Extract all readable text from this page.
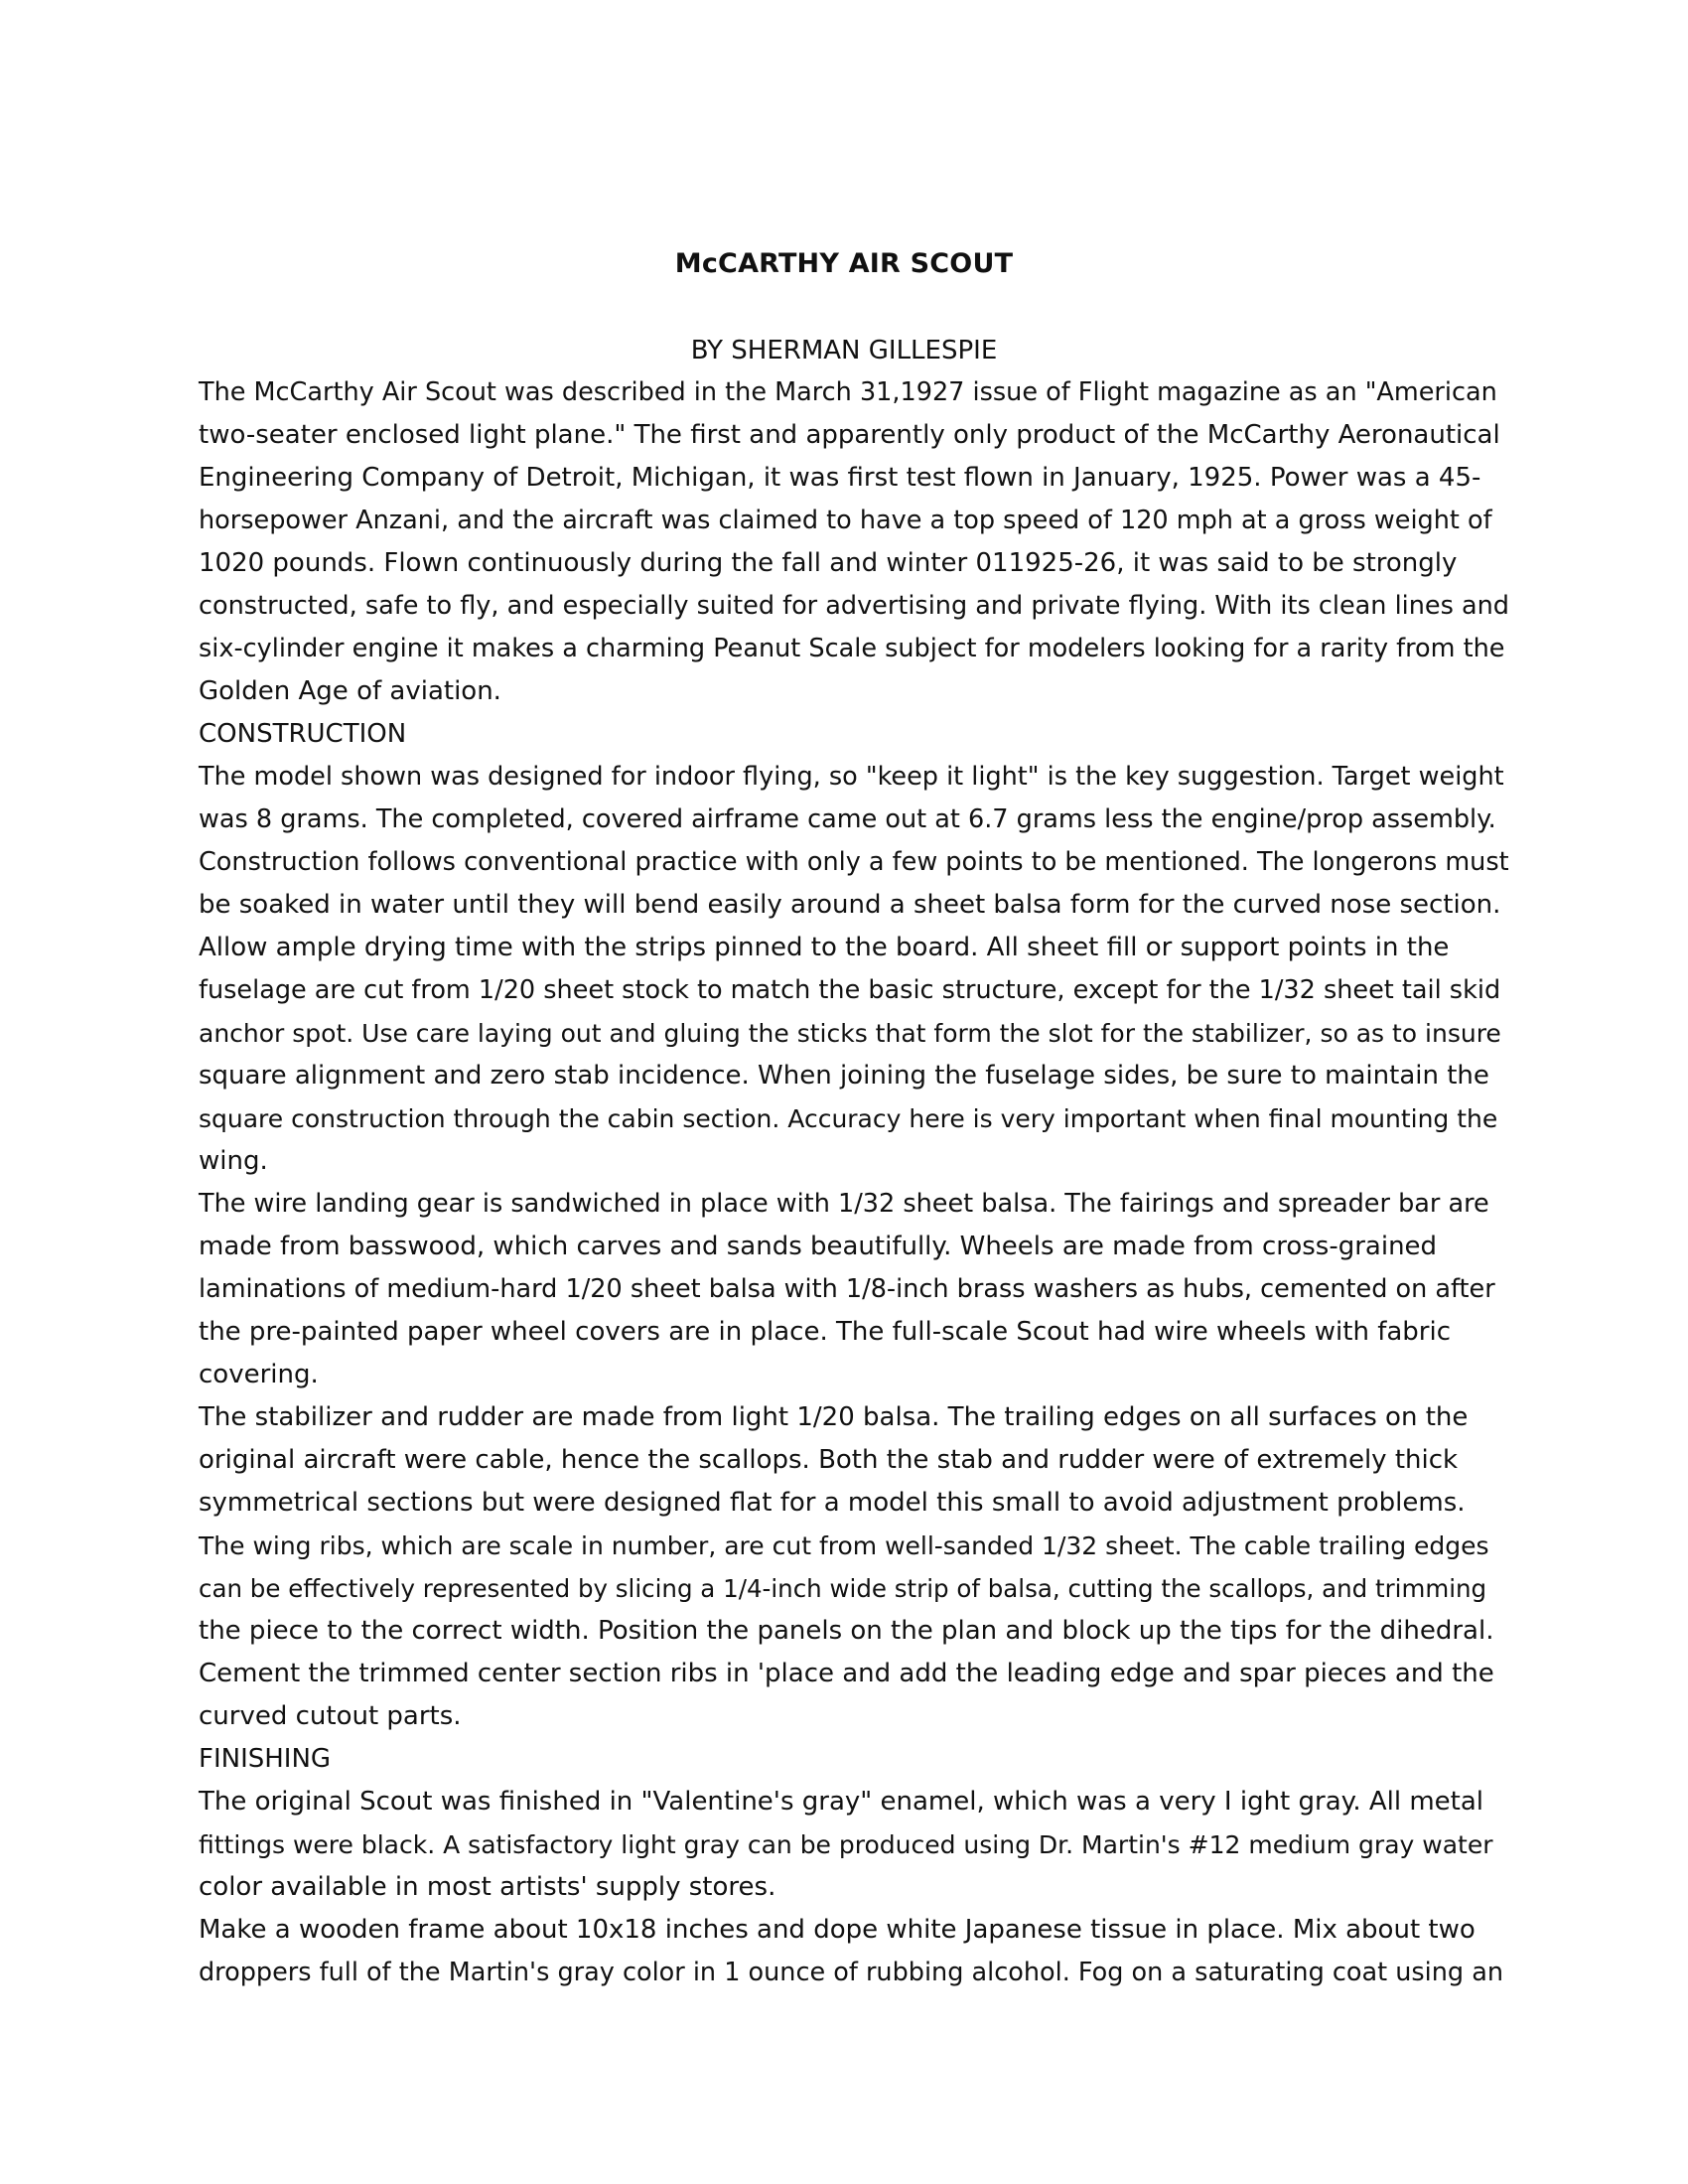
McCARTHY AIR SCOUT
BY SHERMAN GILLESPIE
The McCarthy Air Scout was described in the March 31,1927 issue of Flight magazine as an "American
two-seater enclosed light plane." The first and apparently only product of the McCarthy Aeronautical
Engineering Company of Detroit, Michigan, it was first test flown in January, 1925. Power was a 45-
horsepower Anzani, and the aircraft was claimed to have a top speed of 120 mph at a gross weight of
1020 pounds. Flown continuously during the fall and winter 011925-26, it was said to be strongly
constructed, safe to fly, and especially suited for advertising and private flying. With its clean lines and
six-cylinder engine it makes a charming Peanut Scale subject for modelers looking for a rarity from the
Golden Age of aviation.
CONSTRUCTION
The model shown was designed for indoor flying, so "keep it light" is the key suggestion. Target weight
was 8 grams. The completed, covered airframe came out at 6.7 grams less the engine/prop assembly.
Construction follows conventional practice with only a few points to be mentioned. The longerons must
be soaked in water until they will bend easily around a sheet balsa form for the curved nose section.
Allow ample drying time with the strips pinned to the board. All sheet fill or support points in the
fuselage are cut from 1/20 sheet stock to match the basic structure, except for the 1/32 sheet tail skid
anchor spot. Use care laying out and gluing the sticks that form the slot for the stabilizer, so as to insure
square alignment and zero stab incidence. When joining the fuselage sides, be sure to maintain the
square construction through the cabin section. Accuracy here is very important when final mounting the
wing.
The wire landing gear is sandwiched in place with 1/32 sheet balsa. The fairings and spreader bar are
made from basswood, which carves and sands beautifully. Wheels are made from cross-grained
laminations of medium-hard 1/20 sheet balsa with 1/8-inch brass washers as hubs, cemented on after
the pre-painted paper wheel covers are in place. The full-scale Scout had wire wheels with fabric
covering.
The stabilizer and rudder are made from light 1/20 balsa. The trailing edges on all surfaces on the
original aircraft were cable, hence the scallops. Both the stab and rudder were of extremely thick
symmetrical sections but were designed flat for a model this small to avoid adjustment problems.
The wing ribs, which are scale in number, are cut from well-sanded 1/32 sheet. The cable trailing edges
can be effectively represented by slicing a 1/4-inch wide strip of balsa, cutting the scallops, and trimming
the piece to the correct width. Position the panels on the plan and block up the tips for the dihedral.
Cement the trimmed center section ribs in 'place and add the leading edge and spar pieces and the
curved cutout parts.
FINISHING
The original Scout was finished in "Valentine's gray" enamel, which was a very I ight gray. All metal
fittings were black. A satisfactory light gray can be produced using Dr. Martin's #12 medium gray water
color available in most artists' supply stores.
Make a wooden frame about 10x18 inches and dope white Japanese tissue in place. Mix about two
droppers full of the Martin's gray color in 1 ounce of rubbing alcohol. Fog on a saturating coat using an
